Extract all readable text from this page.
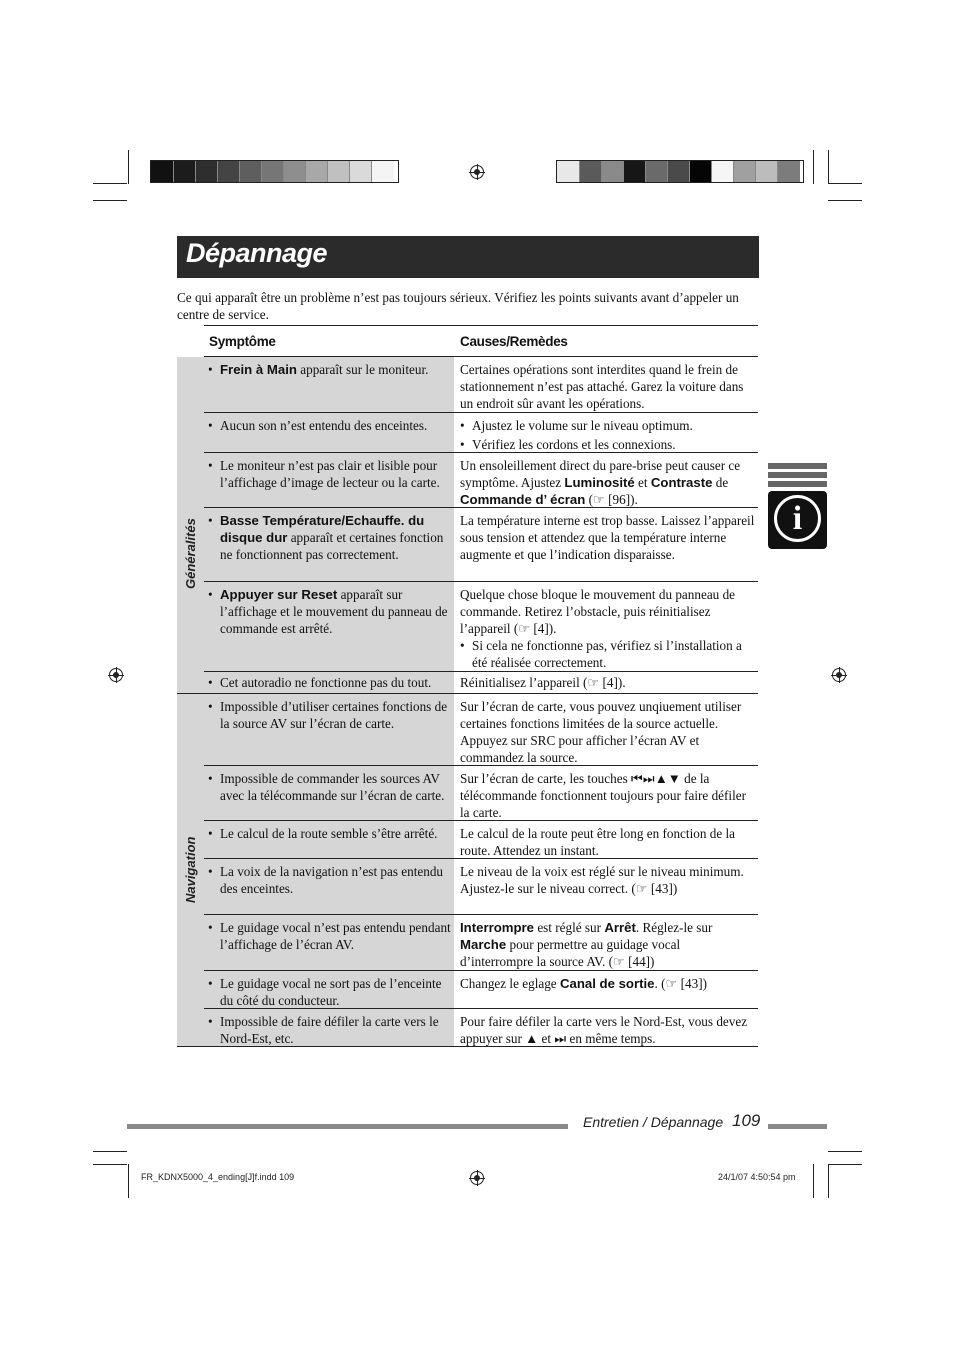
Dépannage
Ce qui apparaît être un problème n’est pas toujours sérieux. Vérifiez les points suivants avant d’appeler un centre de service.
Symptôme	Causes/Remèdes
Généralités
Navigation
• Frein à Main apparaît sur le moniteur.	Certaines opérations sont interdites quand le frein de stationnement n’est pas attaché. Garez la voiture dans un endroit sûr avant les opérations.
• Aucun son n’est entendu des enceintes.
•	Ajustez le volume sur le niveau optimum.
• Vérifiez les cordons et les connexions.
• Le moniteur n’est pas clair et lisible pour l’affichage d’image de lecteur ou la carte.
Un ensoleillement direct du pare-brise peut causer ce symptôme. Ajustez Luminosité et Contraste de Commande d’ écran (☞ [96]).
• Basse Température/Echauffe. du disque dur apparaît et certaines fonction ne fonctionnent pas correctement.
La température interne est trop basse. Laissez l’appareil sous tension et attendez que la température interne augmente et que l’indication disparaisse.
• Appuyer sur Reset apparaît sur l’affichage et le mouvement du panneau de commande est arrêté.
Quelque chose bloque le mouvement du panneau de commande. Retirez l’obstacle, puis réinitialisez l’appareil (☞ [4]).
• Si cela ne fonctionne pas, vérifiez si l’installation a été réalisée correctement.
• Cet autoradio ne fonctionne pas du tout.	Réinitialisez l’appareil (☞ [4]).
• Impossible d’utiliser certaines fonctions de la source AV sur l’écran de carte.
Sur l’écran de carte, vous pouvez unqiuement utiliser certaines fonctions limitées de la source actuelle. Appuyez sur SRC pour afficher l’écran AV et commandez la source.
• Impossible de commander les sources AV avec la télécommande sur l’écran de carte.
Sur l’écran de carte, les touches ⏮⏭▲▼ de la télécommande fonctionnent toujours pour faire défiler la carte.
• Le calcul de la route semble s’être arrêté.	Le calcul de la route peut être long en fonction de la route. Attendez un instant.
• La voix de la navigation n’est pas entendu des enceintes.
Le niveau de la voix est réglé sur le niveau minimum. Ajustez-le sur le niveau correct. (☞ [43])
• Le guidage vocal n’est pas entendu pendant l’affichage de l’écran AV.
Interrompre est réglé sur Arrêt. Réglez-le sur Marche pour permettre au guidage vocal d’interrompre la source AV. (☞ [44])
• Le guidage vocal ne sort pas de l’enceinte du côté du conducteur.
Changez le eglage Canal de sortie. (☞ [43])
• Impossible de faire défiler la carte vers le Nord-Est, etc.
Pour faire défiler la carte vers le Nord-Est, vous devez appuyer sur ▲ et ⏭ en même temps.
i
Entretien / Dépannage 109
FR_KDNX5000_4_ending[J]f.indd 109	24/1/07 4:50:54 pm
